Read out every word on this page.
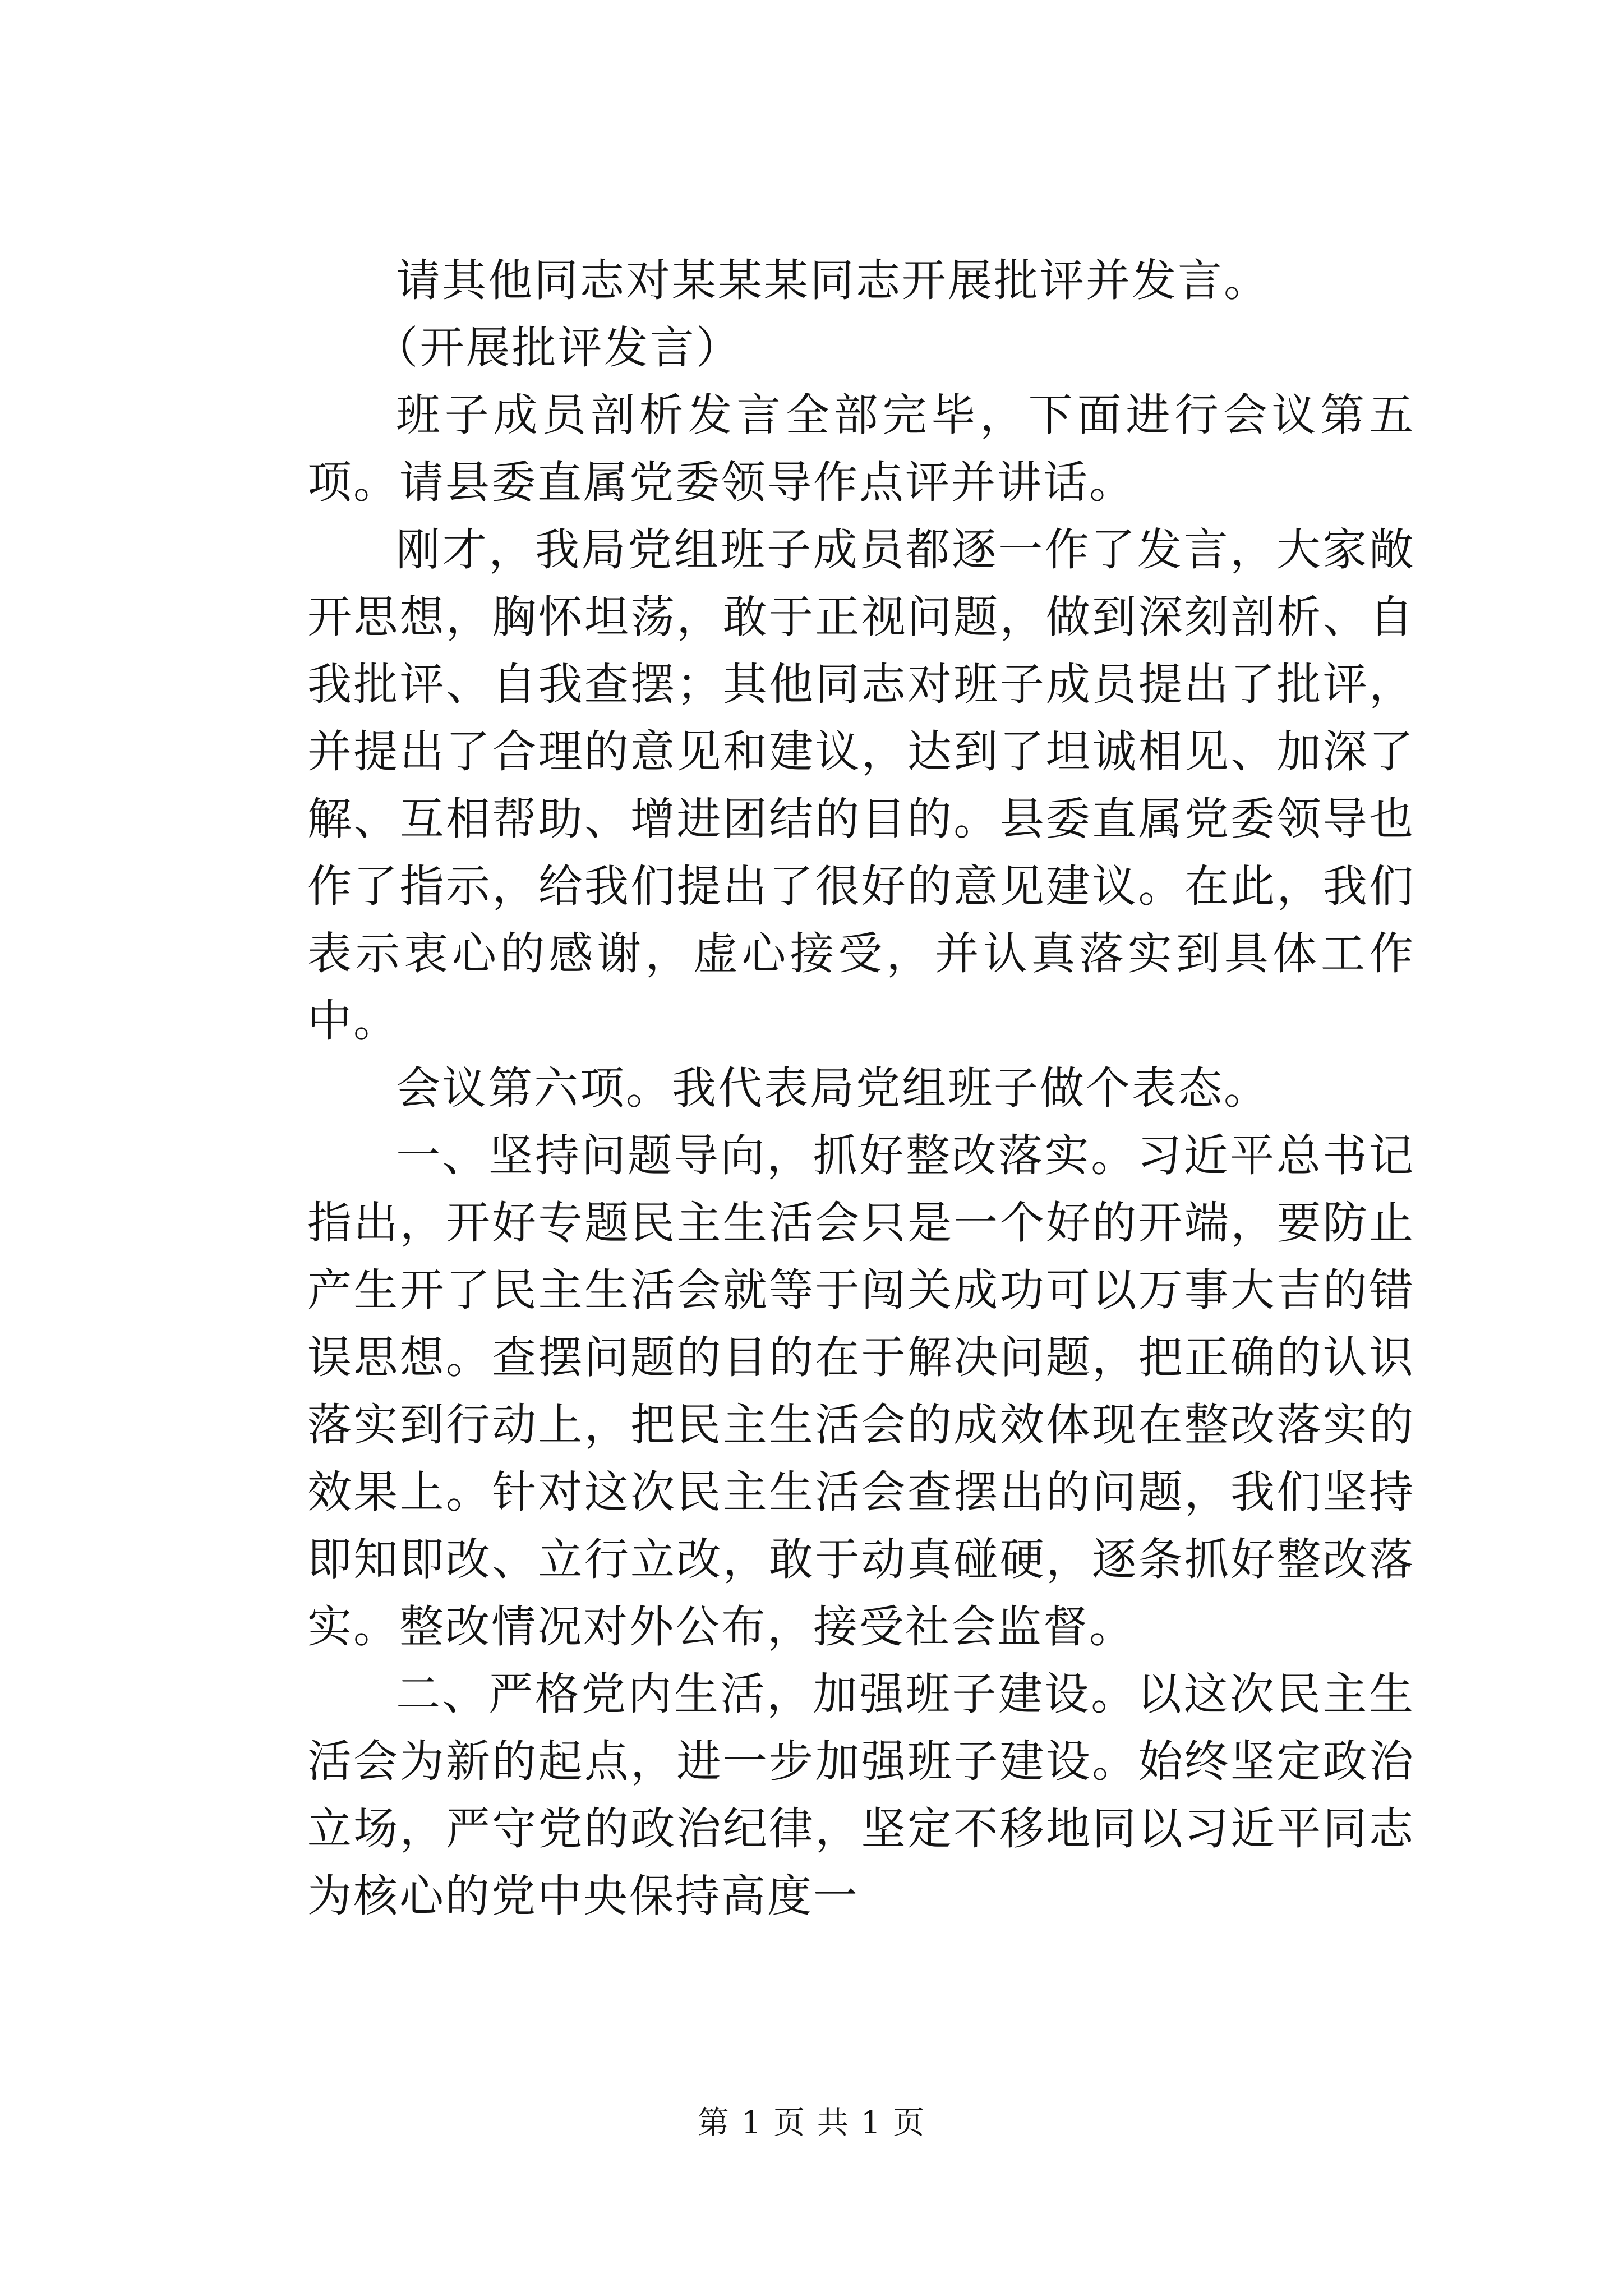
请其他同志对某某某同志开展批评并发言。

（开展批评发言）

班子成员剖析发言全部完毕，下面进行会议第五项。请县委直属党委领导作点评并讲话。

刚才，我局党组班子成员都逐一作了发言，大家敞开思想，胸怀坦荡，敢于正视问题，做到深刻剖析、自我批评、自我查摆；其他同志对班子成员提出了批评，并提出了合理的意见和建议，达到了坦诚相见、加深了解、互相帮助、增进团结的目的。县委直属党委领导也作了指示，给我们提出了很好的意见建议。在此，我们表示衷心的感谢，虚心接受，并认真落实到具体工作中。

会议第六项。我代表局党组班子做个表态。

一、坚持问题导向，抓好整改落实。习近平总书记指出，开好专题民主生活会只是一个好的开端，要防止产生开了民主生活会就等于闯关成功可以万事大吉的错误思想。查摆问题的目的在于解决问题，把正确的认识落实到行动上，把民主生活会的成效体现在整改落实的效果上。针对这次民主生活会查摆出的问题，我们坚持即知即改、立行立改，敢于动真碰硬，逐条抓好整改落实。整改情况对外公布，接受社会监督。

二、严格党内生活，加强班子建设。以这次民主生活会为新的起点，进一步加强班子建设。始终坚定政治立场，严守党的政治纪律，坚定不移地同以习近平同志为核心的党中央保持高度一

第 1 页 共 1 页
